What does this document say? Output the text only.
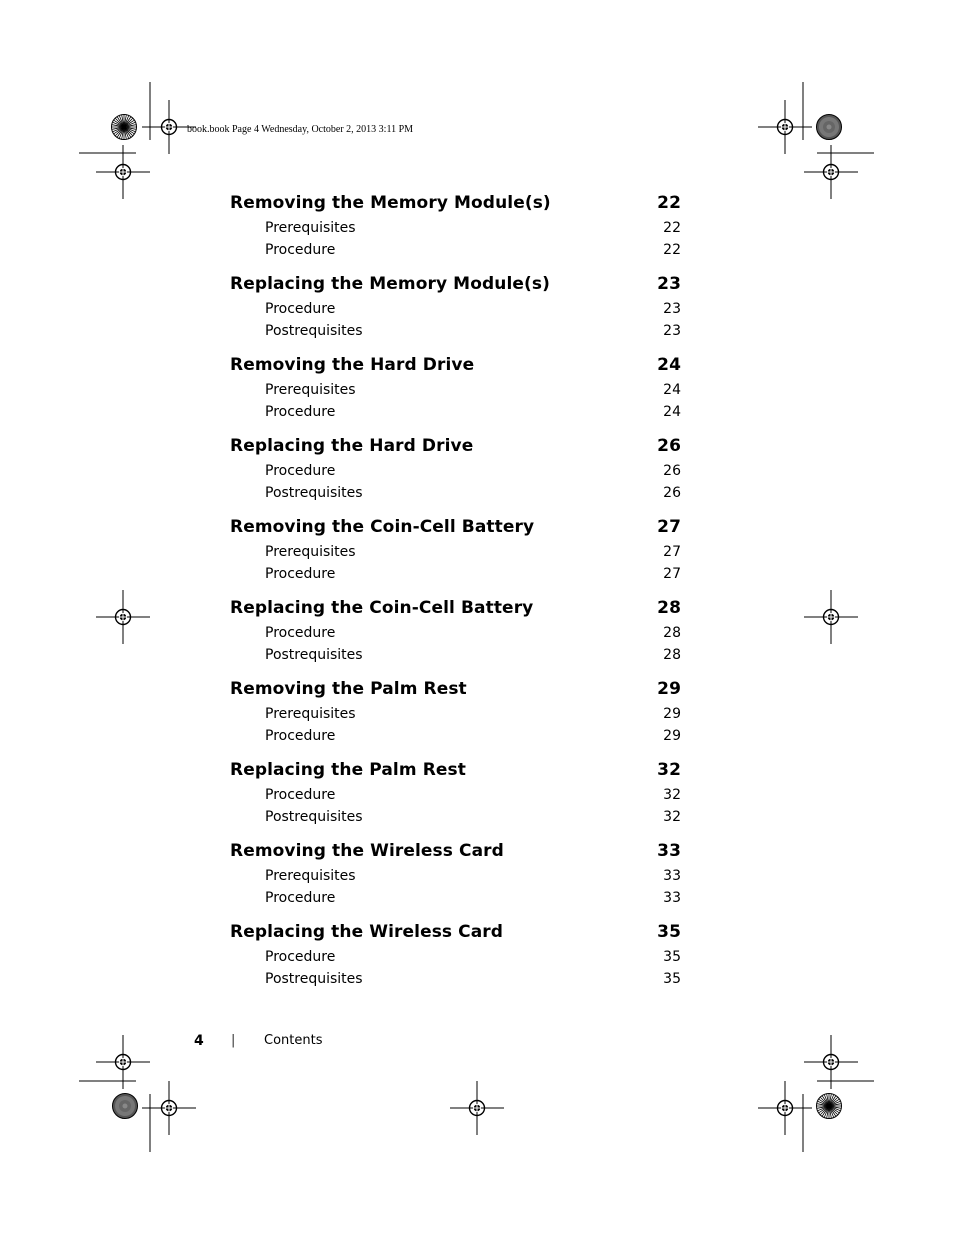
book.book Page 4 Wednesday, October 2, 2013 3:11 PM
Removing the Memory Module(s)	22
Prerequisites	22
Procedure	22
Replacing the Memory Module(s)	23
Procedure	23
Postrequisites	23
Removing the Hard Drive	24
Prerequisites	24
Procedure	24
Replacing the Hard Drive	26
Procedure	26
Postrequisites	26
Removing the Coin-Cell Battery	27
Prerequisites	27
Procedure	27
Replacing the Coin-Cell Battery	28
Procedure	28
Postrequisites	28
Removing the Palm Rest	29
Prerequisites	29
Procedure	29
Replacing the Palm Rest	32
Procedure	32
Postrequisites	32
Removing the Wireless Card	33
Prerequisites	33
Procedure	33
Replacing the Wireless Card	35
Procedure	35
Postrequisites	35
4 | Contents
